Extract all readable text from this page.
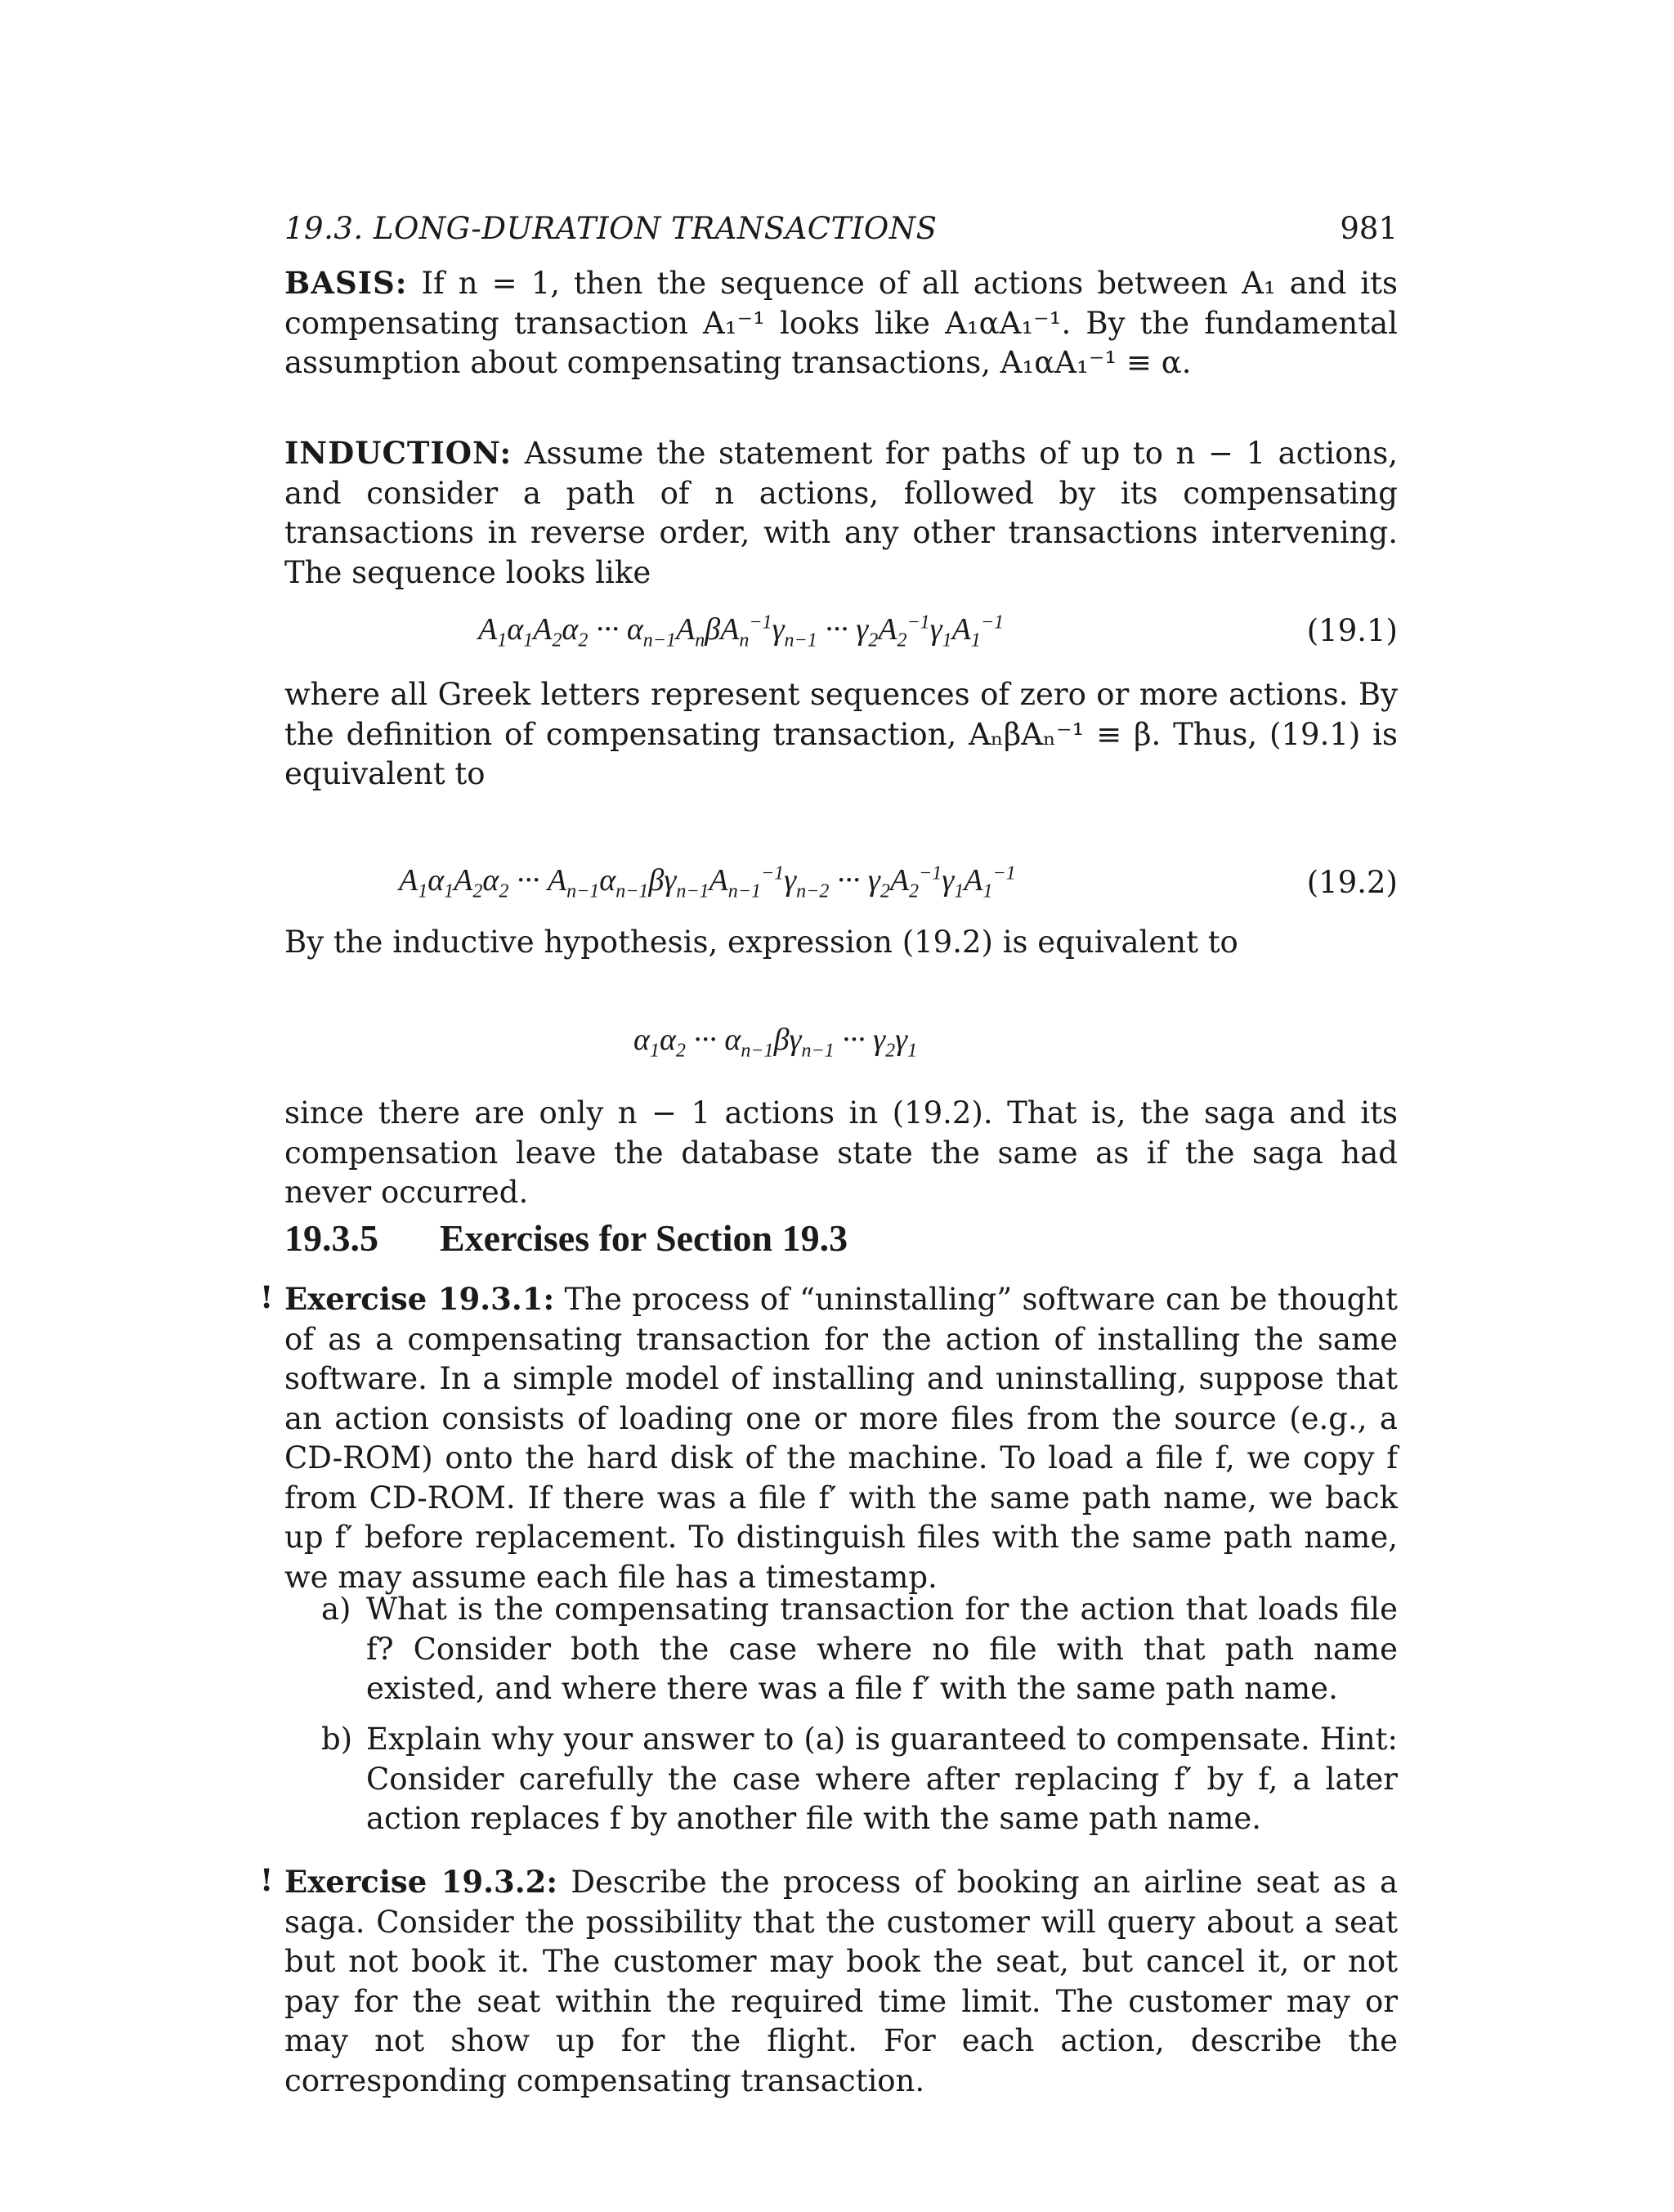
19.3. LONG-DURATION TRANSACTIONS	981

BASIS: If n = 1, then the sequence of all actions between A₁ and its compensating transaction A₁⁻¹ looks like A₁αA₁⁻¹. By the fundamental assumption about compensating transactions, A₁αA₁⁻¹ ≡ α.

INDUCTION: Assume the statement for paths of up to n − 1 actions, and consider a path of n actions, followed by its compensating transactions in reverse order, with any other transactions intervening. The sequence looks like

$A_1\alpha_1A_2\alpha_2$ ··· $\alpha_{n-1}A_n\beta A_n^{-1}\gamma_{n-1}$ ··· $\gamma_2A_2^{-1}\gamma_1A_1^{-1}$	(19.1)

where all Greek letters represent sequences of zero or more actions. By the definition of compensating transaction, AₙβAₙ⁻¹ ≡ β. Thus, (19.1) is equivalent to

$A_1\alpha_1A_2\alpha_2$ ··· $A_{n-1}\alpha_{n-1}\beta\gamma_{n-1}A_{n-1}^{-1}\gamma_{n-2}$ ··· $\gamma_2A_2^{-1}\gamma_1A_1^{-1}$	(19.2)

By the inductive hypothesis, expression (19.2) is equivalent to

$\alpha_1\alpha_2$ ··· $\alpha_{n-1}\beta\gamma_{n-1}$ ··· $\gamma_2\gamma_1$

since there are only n − 1 actions in (19.2). That is, the saga and its compensation leave the database state the same as if the saga had never occurred.

19.3.5 Exercises for Section 19.3
! Exercise 19.3.1: The process of “uninstalling” software can be thought of as a compensating transaction for the action of installing the same software. In a simple model of installing and uninstalling, suppose that an action consists of loading one or more files from the source (e.g., a CD-ROM) onto the hard disk of the machine. To load a file f, we copy f from CD-ROM. If there was a file f′ with the same path name, we back up f′ before replacement. To distinguish files with the same path name, we may assume each file has a timestamp.

a) What is the compensating transaction for the action that loads file f? Consider both the case where no file with that path name existed, and where there was a file f′ with the same path name.
b) Explain why your answer to (a) is guaranteed to compensate. Hint: Consider carefully the case where after replacing f′ by f, a later action replaces f by another file with the same path name.
! Exercise 19.3.2: Describe the process of booking an airline seat as a saga. Consider the possibility that the customer will query about a seat but not book it. The customer may book the seat, but cancel it, or not pay for the seat within the required time limit. The customer may or may not show up for the flight. For each action, describe the corresponding compensating transaction.
